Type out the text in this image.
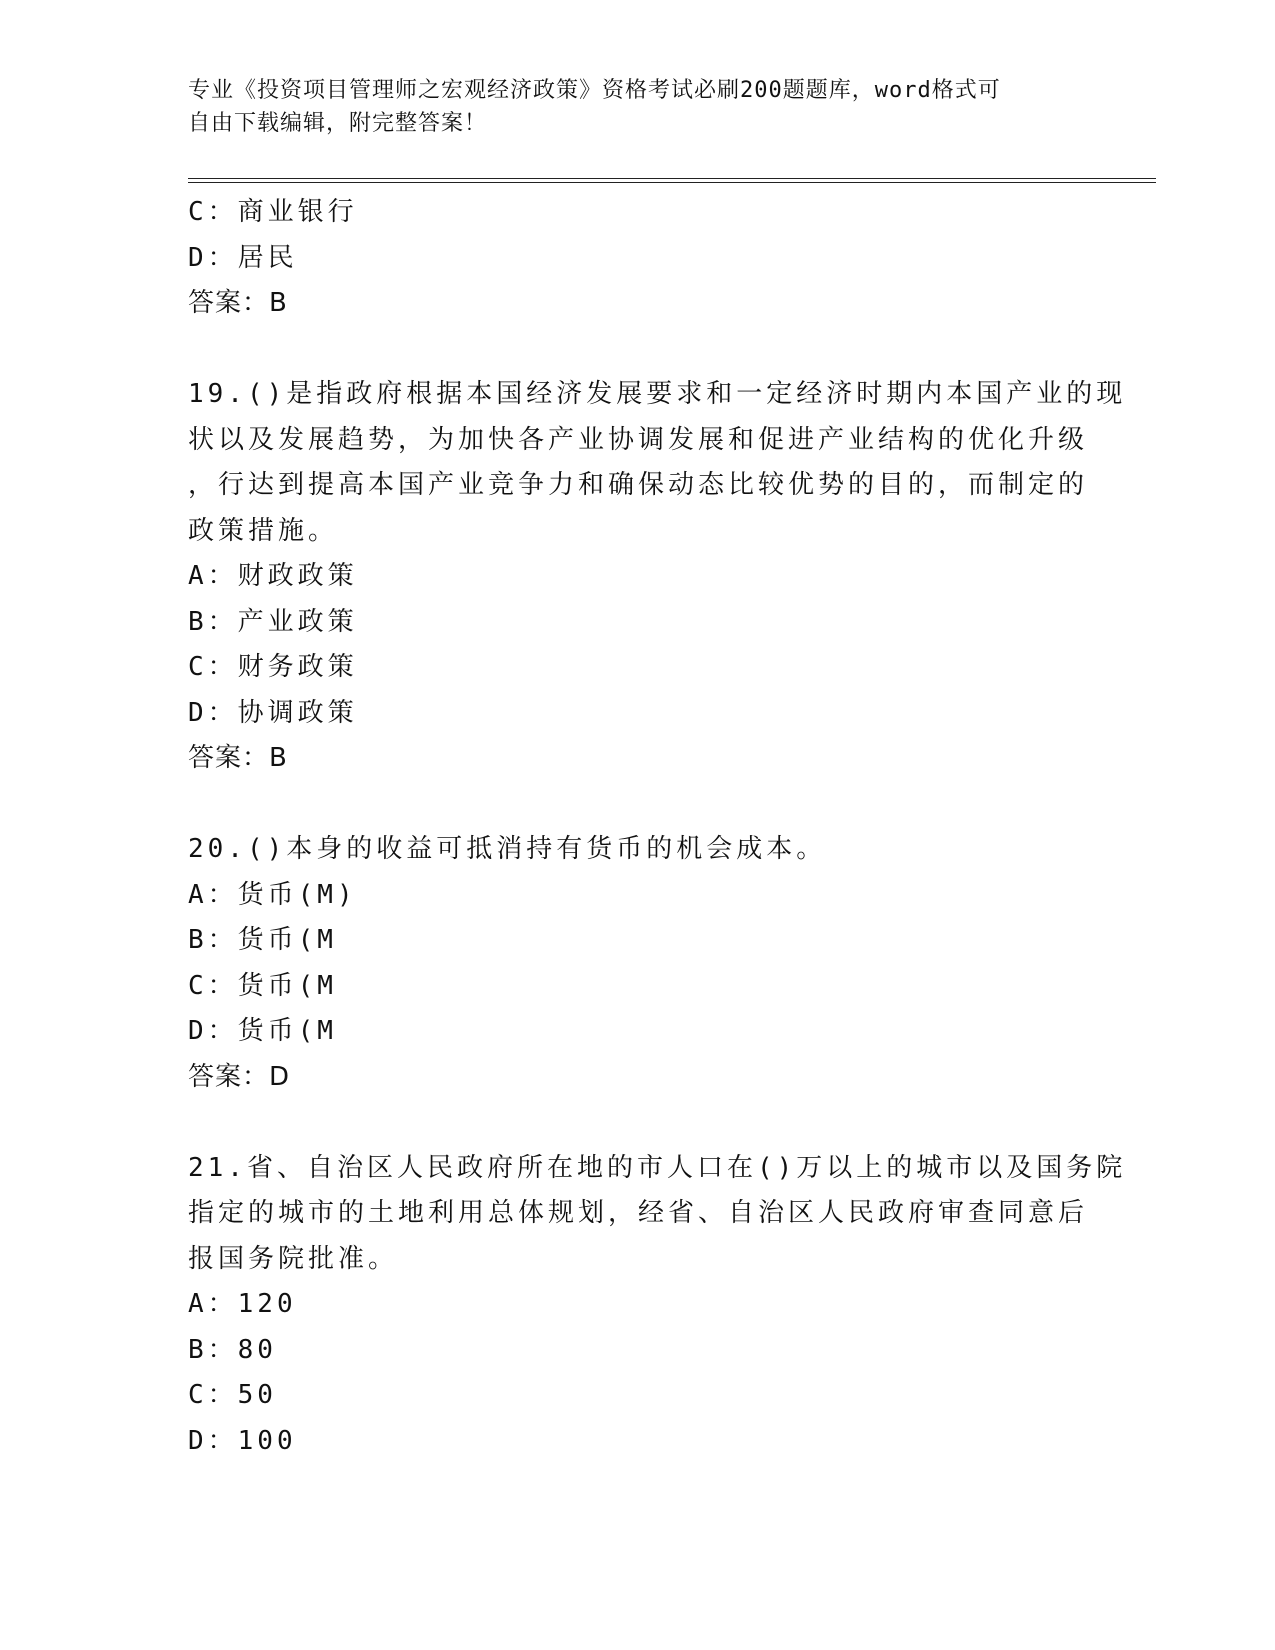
专业《投资项目管理师之宏观经济政策》资格考试必刷200题题库，word格式可
自由下载编辑，附完整答案！
C：商业银行
D：居民
答案：B
19.()是指政府根据本国经济发展要求和一定经济时期内本国产业的现
状以及发展趋势，为加快各产业协调发展和促进产业结构的优化升级
，行达到提高本国产业竞争力和确保动态比较优势的目的，而制定的
政策措施。
A：财政政策
B：产业政策
C：财务政策
D：协调政策
答案：B
20.()本身的收益可抵消持有货币的机会成本。
A：货币(M)
B：货币(M
C：货币(M
D：货币(M
答案：D
21.省、自治区人民政府所在地的市人口在()万以上的城市以及国务院
指定的城市的土地利用总体规划，经省、自治区人民政府审查同意后
报国务院批准。
A：120
B：80
C：50
D：100
